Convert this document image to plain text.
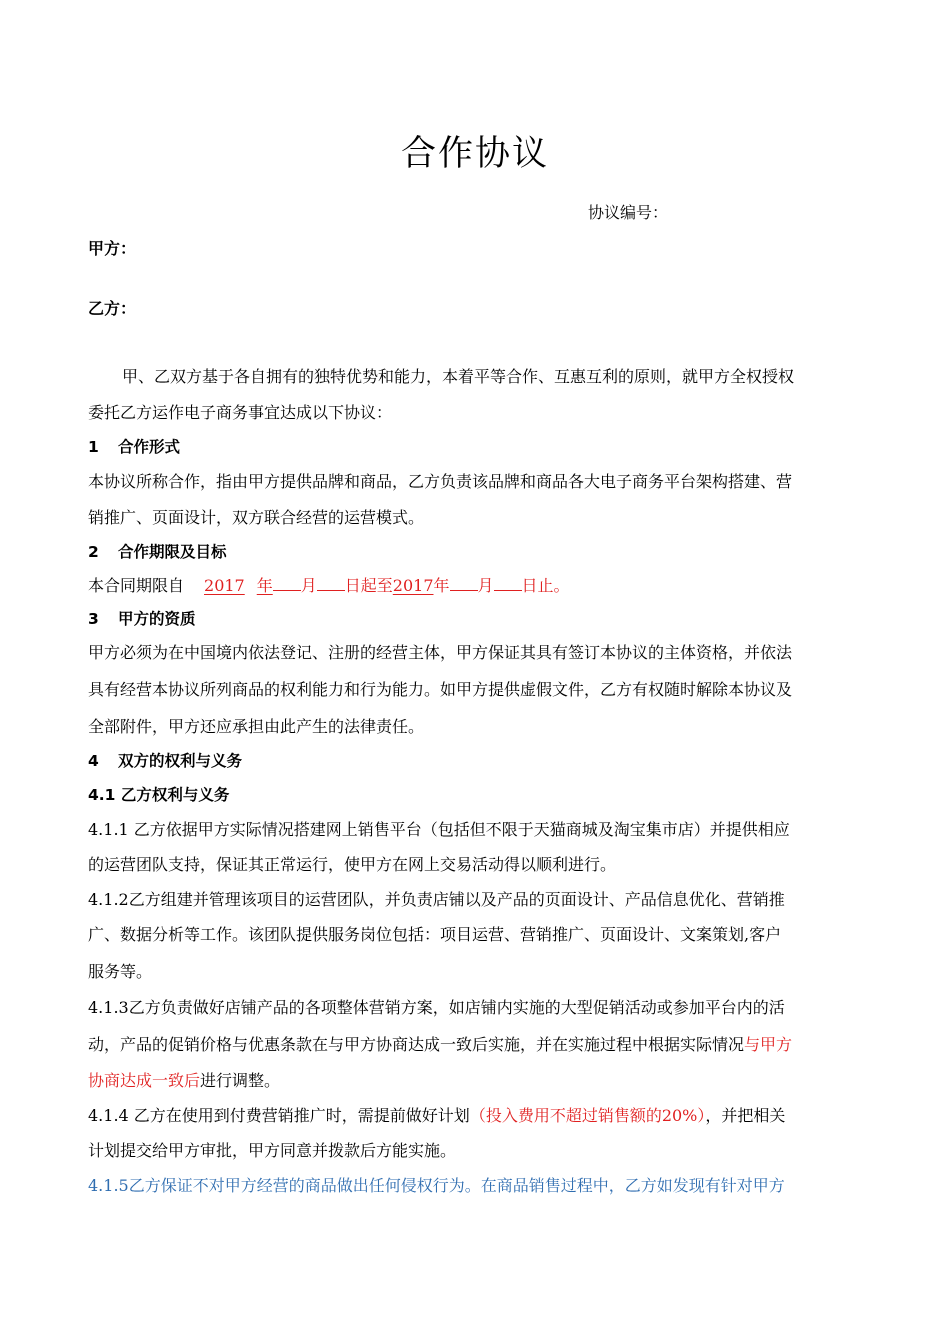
合作协议
协议编号：
甲方：
乙方：
甲、乙双方基于各自拥有的独特优势和能力，本着平等合作、互惠互利的原则，就甲方全权授权
委托乙方运作电子商务事宜达成以下协议：
1 合作形式
本协议所称合作，指由甲方提供品牌和商品，乙方负责该品牌和商品各大电子商务平台架构搭建、营
销推广、页面设计，双方联合经营的运营模式。
2 合作期限及目标
本合同期限自 2017 年 月 日起至2017年 月 日止。
3 甲方的资质
甲方必须为在中国境内依法登记、注册的经营主体，甲方保证其具有签订本协议的主体资格，并依法
具有经营本协议所列商品的权利能力和行为能力。如甲方提供虚假文件，乙方有权随时解除本协议及
全部附件，甲方还应承担由此产生的法律责任。
4 双方的权利与义务
4.1 乙方权利与义务
4.1.1 乙方依据甲方实际情况搭建网上销售平台（包括但不限于天猫商城及淘宝集市店）并提供相应
的运营团队支持，保证其正常运行，使甲方在网上交易活动得以顺利进行。
4.1.2乙方组建并管理该项目的运营团队，并负责店铺以及产品的页面设计、产品信息优化、营销推
广、数据分析等工作。该团队提供服务岗位包括：项目运营、营销推广、页面设计、文案策划,客户
服务等。
4.1.3乙方负责做好店铺产品的各项整体营销方案，如店铺内实施的大型促销活动或参加平台内的活
动，产品的促销价格与优惠条款在与甲方协商达成一致后实施，并在实施过程中根据实际情况与甲方
协商达成一致后进行调整。
4.1.4 乙方在使用到付费营销推广时，需提前做好计划（投入费用不超过销售额的20%），并把相关
计划提交给甲方审批，甲方同意并拨款后方能实施。
4.1.5乙方保证不对甲方经营的商品做出任何侵权行为。在商品销售过程中，乙方如发现有针对甲方
